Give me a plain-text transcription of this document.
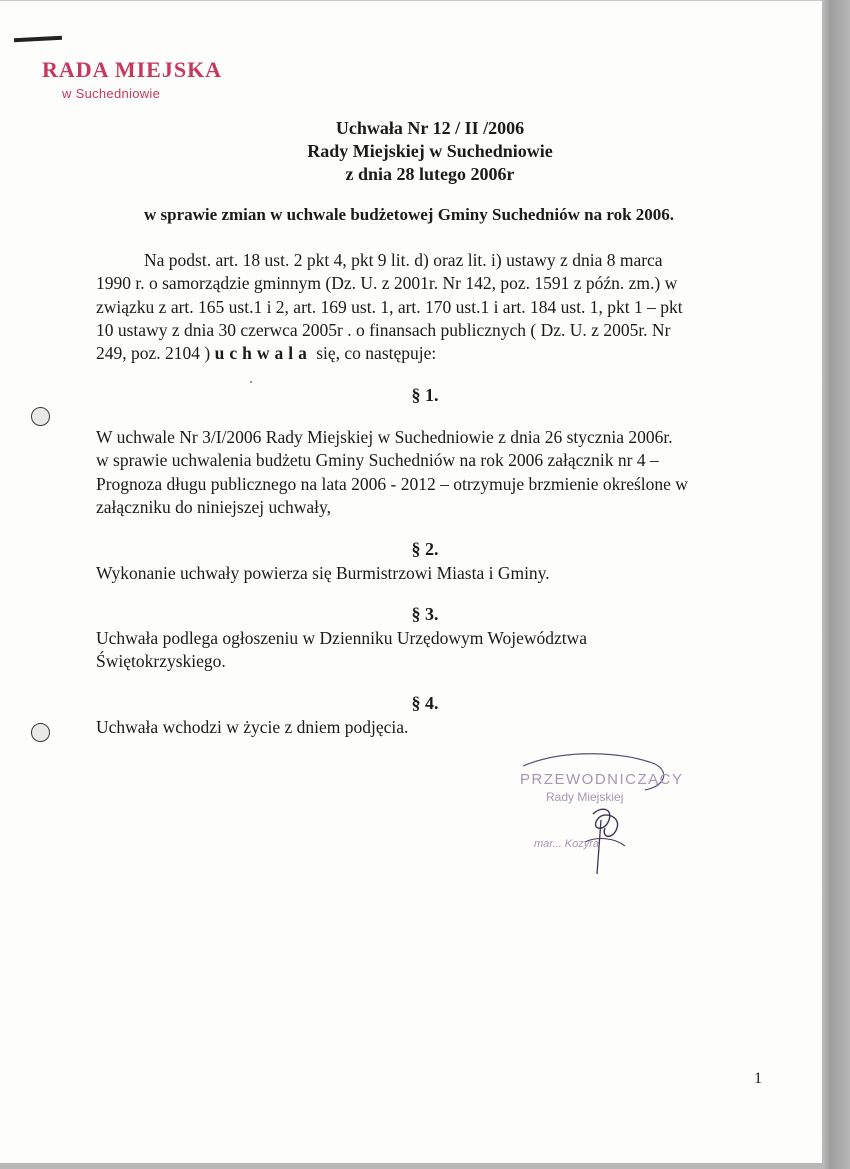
RADA MIEJSKA
w Suchedniowie
Uchwała Nr 12 / II /2006
Rady Miejskiej w Suchedniowie
z dnia 28 lutego 2006r
w sprawie zmian w uchwale budżetowej Gminy Suchedniów na rok 2006.
Na podst. art. 18 ust. 2 pkt 4, pkt 9 lit. d) oraz lit. i) ustawy z dnia 8 marca
1990 r. o samorządzie gminnym (Dz. U. z 2001r. Nr 142, poz. 1591 z późn. zm.) w
związku z art. 165 ust.1 i 2, art. 169 ust. 1, art. 170 ust.1 i art. 184 ust. 1, pkt 1 – pkt
10 ustawy z dnia 30 czerwca 2005r . o finansach publicznych ( Dz. U. z 2005r. Nr
249, poz. 2104 ) uchwala się, co następuje:
§ 1.
W uchwale Nr 3/I/2006 Rady Miejskiej w Suchedniowie z dnia 26 stycznia 2006r.
w sprawie uchwalenia budżetu Gminy Suchedniów na rok 2006 załącznik nr 4 –
Prognoza długu publicznego na lata 2006 - 2012 – otrzymuje brzmienie określone w
załączniku do niniejszej uchwały,
§ 2.
Wykonanie uchwały powierza się Burmistrzowi Miasta i Gminy.
§ 3.
Uchwała podlega ogłoszeniu w Dzienniku Urzędowym Województwa
Świętokrzyskiego.
§ 4.
Uchwała wchodzi w życie z dniem podjęcia.
PRZEWODNICZĄCY
Rady Miejskiej
mar... Kozyra
1
